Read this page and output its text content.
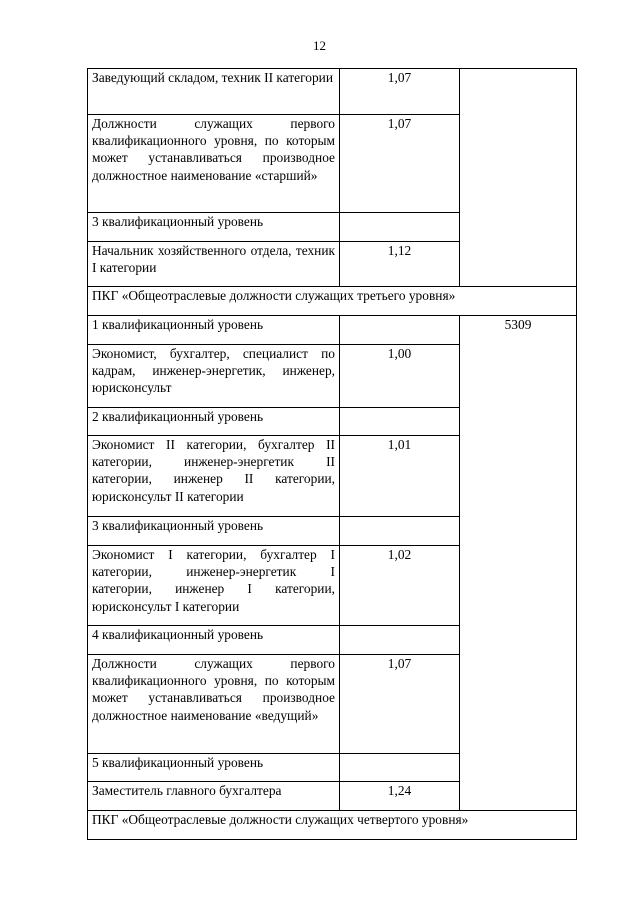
12
Заведующий складом, техник II категории	1,07	
Должности служащих первого квалификационного уровня, по которым может устанавливаться производное должностное наименование «старший»	1,07	
3 квалификационный уровень		
Начальник хозяйственного отдела, техник I категории	1,12	
ПКГ «Общеотраслевые должности служащих третьего уровня»		
1 квалификационный уровень		5309
Экономист, бухгалтер, специалист по кадрам, инженер-энергетик, инженер, юрисконсульт	1,00	
2 квалификационный уровень		
Экономист II категории, бухгалтер II категории, инженер-энергетик II категории, инженер II категории, юрисконсульт II категории	1,01	
3 квалификационный уровень		
Экономист I категории, бухгалтер I категории, инженер-энергетик I категории, инженер I категории, юрисконсульт I категории	1,02	
4 квалификационный уровень		
Должности служащих первого квалификационного уровня, по которым может устанавливаться производное должностное наименование «ведущий»	1,07	
5 квалификационный уровень		
Заместитель главного бухгалтера	1,24	
ПКГ «Общеотраслевые должности служащих четвертого уровня»		
